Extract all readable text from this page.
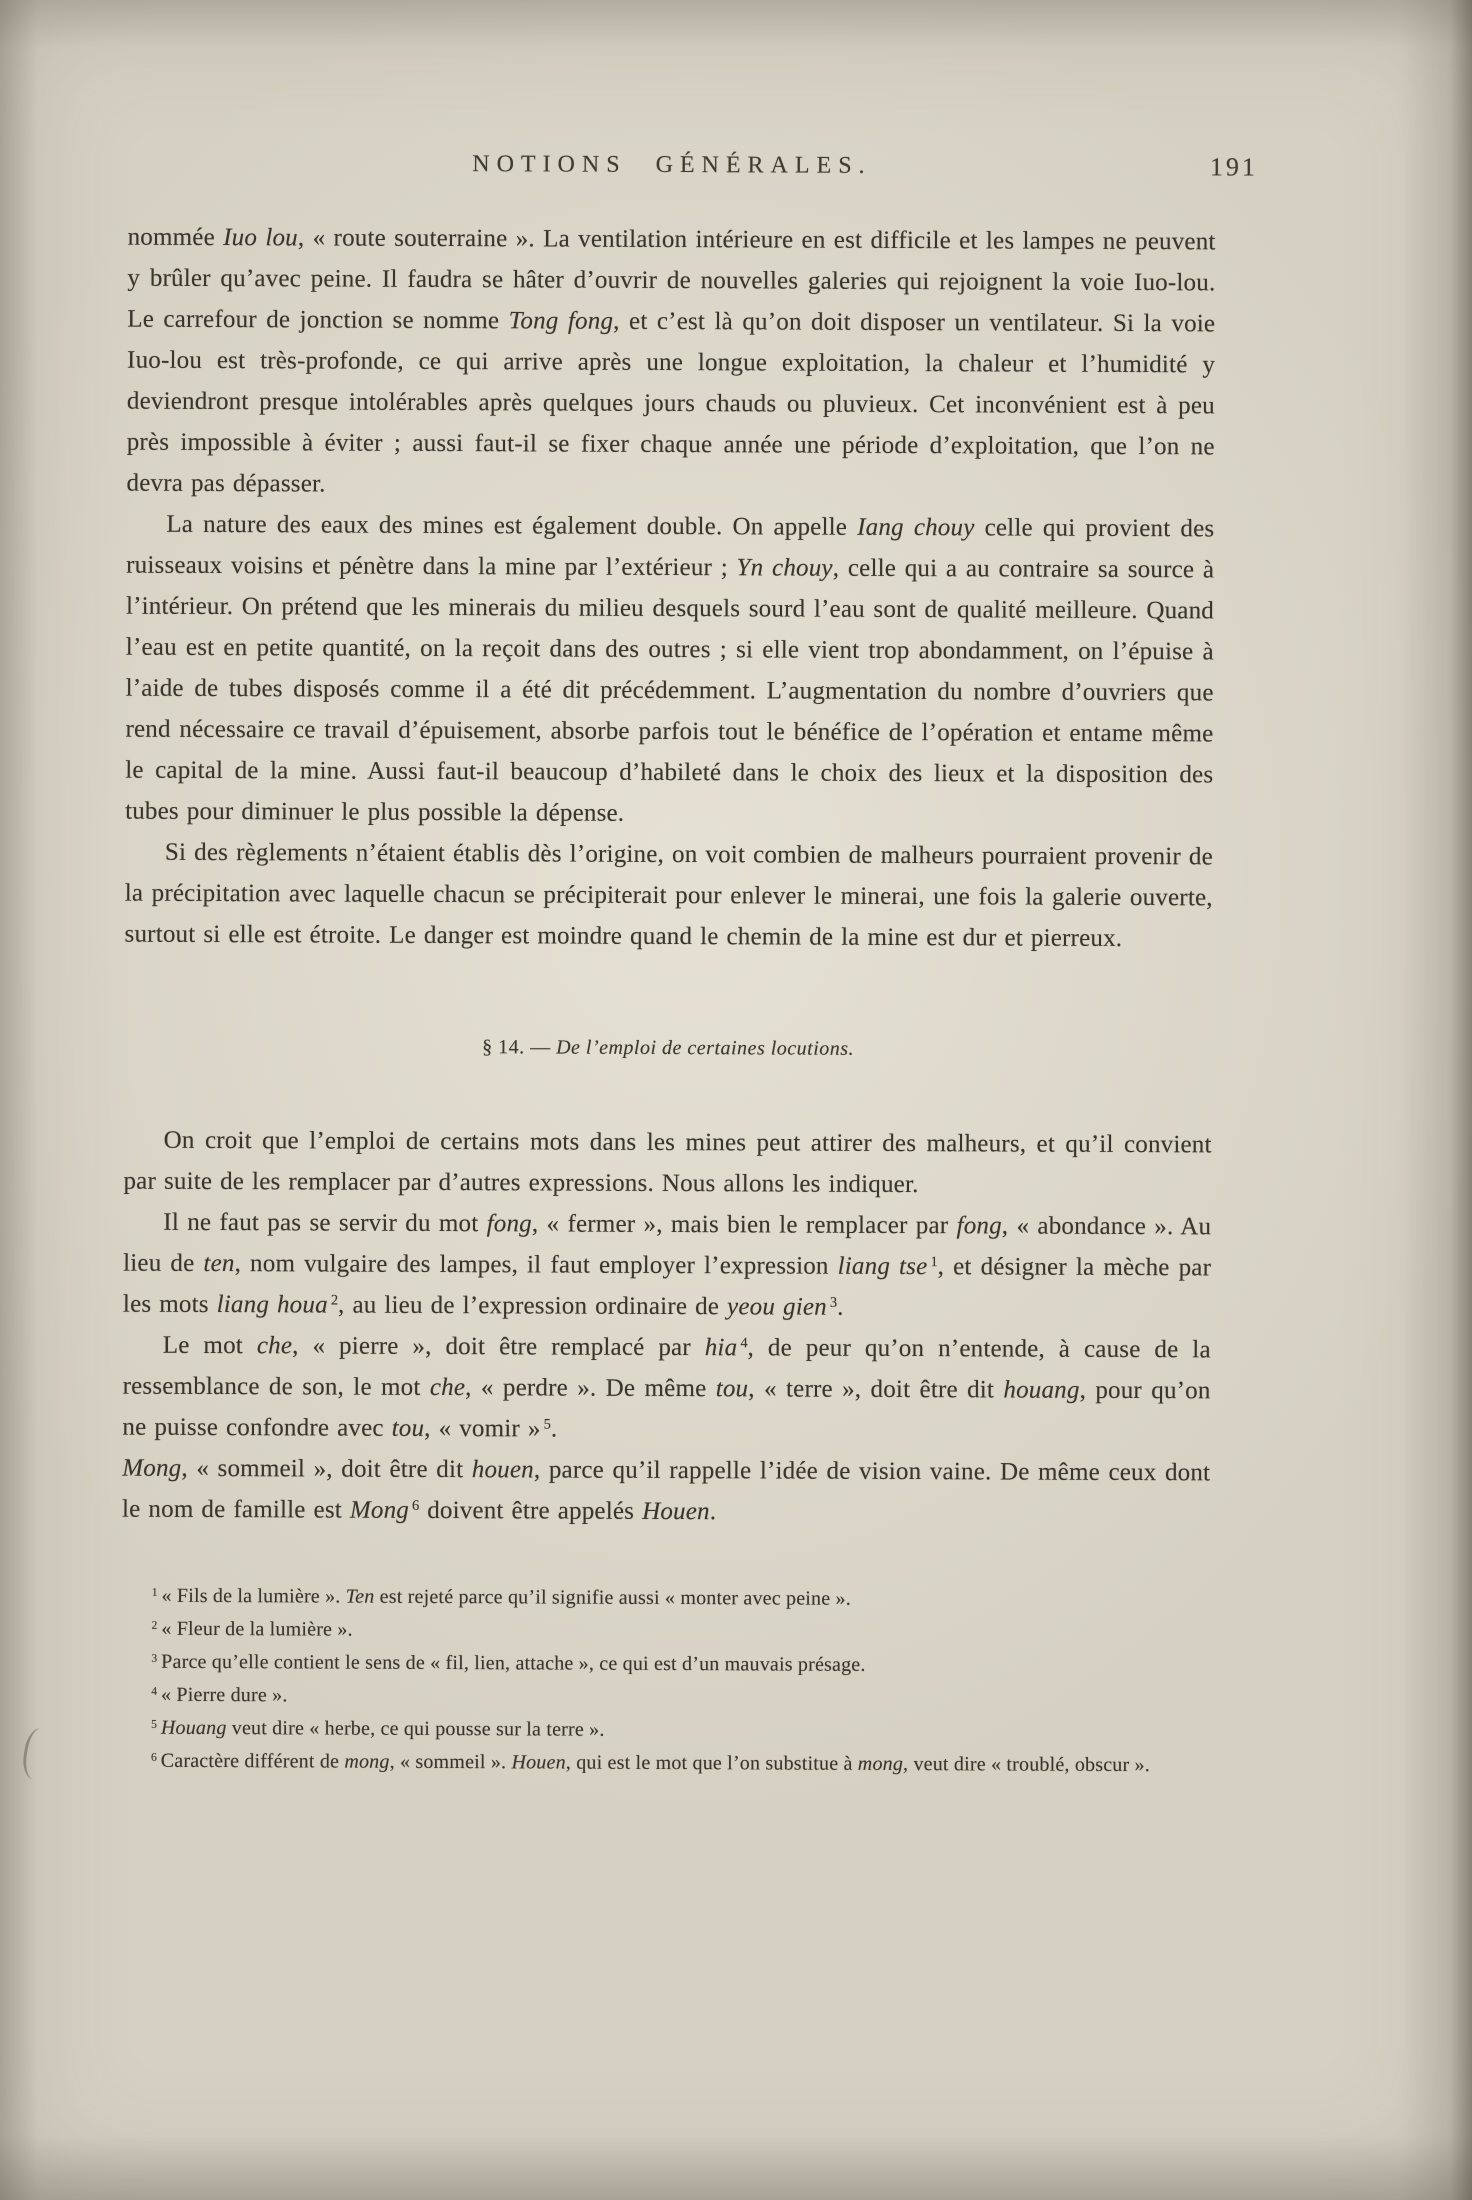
NOTIONS GÉNÉRALES.	191

nommée Iuo lou, « route souterraine ». La ventilation intérieure en est difficile et les lampes ne peuvent y brûler qu’avec peine. Il faudra se hâter d’ouvrir de nouvelles galeries qui rejoignent la voie Iuo-lou. Le carrefour de jonction se nomme Tong fong, et c’est là qu’on doit disposer un ventilateur. Si la voie Iuo-lou est très-profonde, ce qui arrive après une longue exploitation, la chaleur et l’humidité y deviendront presque intolérables après quelques jours chauds ou pluvieux. Cet inconvénient est à peu près impossible à éviter ; aussi faut-il se fixer chaque année une période d’exploitation, que l’on ne devra pas dépasser.

La nature des eaux des mines est également double. On appelle Iang chouy celle qui provient des ruisseaux voisins et pénètre dans la mine par l’extérieur ; Yn chouy, celle qui a au contraire sa source à l’intérieur. On prétend que les minerais du milieu desquels sourd l’eau sont de qualité meilleure. Quand l’eau est en petite quantité, on la reçoit dans des outres ; si elle vient trop abondamment, on l’épuise à l’aide de tubes disposés comme il a été dit précédemment. L’augmentation du nombre d’ouvriers que rend nécessaire ce travail d’épuisement, absorbe parfois tout le bénéfice de l’opération et entame même le capital de la mine. Aussi faut-il beaucoup d’habileté dans le choix des lieux et la disposition des tubes pour diminuer le plus possible la dépense.

Si des règlements n’étaient établis dès l’origine, on voit combien de malheurs pourraient provenir de la précipitation avec laquelle chacun se précipiterait pour enlever le minerai, une fois la galerie ouverte, surtout si elle est étroite. Le danger est moindre quand le chemin de la mine est dur et pierreux.

§ 14. — De l’emploi de certaines locutions.

On croit que l’emploi de certains mots dans les mines peut attirer des malheurs, et qu’il convient par suite de les remplacer par d’autres expressions. Nous allons les indiquer.

Il ne faut pas se servir du mot fong, « fermer », mais bien le remplacer par fong, « abondance ». Au lieu de ten, nom vulgaire des lampes, il faut employer l’expression liang tse $^1$, et désigner la mèche par les mots liang houa $^2$, au lieu de l’expression ordinaire de yeou gien $^3$.

Le mot che, « pierre », doit être remplacé par hia $^4$, de peur qu’on n’entende, à cause de la ressemblance de son, le mot che, « perdre ». De même tou, « terre », doit être dit houang, pour qu’on ne puisse confondre avec tou, « vomir » $^5$.

Mong, « sommeil », doit être dit houen, parce qu’il rappelle l’idée de vision vaine. De même ceux dont le nom de famille est Mong $^6$ doivent être appelés Houen.

$^1$ « Fils de la lumière ». Ten est rejeté parce qu’il signifie aussi « monter avec peine ».

$^2$ « Fleur de la lumière ».

$^3$ Parce qu’elle contient le sens de « fil, lien, attache », ce qui est d’un mauvais présage.

$^4$ « Pierre dure ».

$^5$ Houang veut dire « herbe, ce qui pousse sur la terre ».

$^6$ Caractère différent de mong, « sommeil ». Houen, qui est le mot que l’on substitue à mong, veut dire « troublé, obscur ».
